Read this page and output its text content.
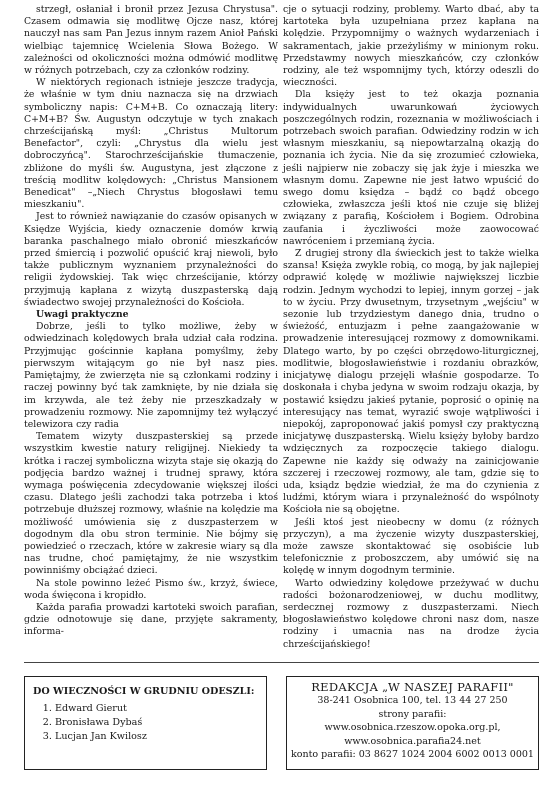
strzegł, osłaniał i bronił przez Jezusa Chrystusa". Czasem odmawia się modlitwę Ojcze nasz, której nauczył nas sam Pan Jezus innym razem Anioł Pański wielbiąc tajemnicę Wcielenia Słowa Bożego. W zależności od okoliczności można odmówić modlitwę w różnych potrzebach, czy za członków rodziny.

W niektórych regionach istnieje jeszcze tradycja, że właśnie w tym dniu naznacza się na drzwiach symboliczny napis: C+M+B. Co oznaczają litery: C+M+B? Św. Augustyn odczytuje w tych znakach chrześcijańską myśl: „Christus Multorum Benefactor", czyli: „Chrystus dla wielu jest dobroczyńcą". Starochrześcijańskie tłumaczenie, zbliżone do myśli św. Augustyna, jest złączone z treścią modlitw kolędowych: „Christus Mansionem Benedicat" –„Niech Chrystus błogosławi temu mieszkaniu".

Jest to również nawiązanie do czasów opisanych w Księdze Wyjścia, kiedy oznaczenie domów krwią baranka paschalnego miało obronić mieszkańców przed śmiercią i pozwolić opuścić kraj niewoli, było także publicznym wyznaniem przynależności do religii żydowskiej. Tak więc chrześcijanie, którzy przyjmują kapłana z wizytą duszpasterską dają świadectwo swojej przynależności do Kościoła.

Uwagi praktyczne

Dobrze, jeśli to tylko możliwe, żeby w odwiedzinach kolędowych brała udział cała rodzina. Przyjmując gościnnie kapłana pomyślmy, żeby pierwszym witającym go nie był nasz pies. Pamiętajmy, że zwierzęta nie są członkami rodziny i raczej powinny być tak zamknięte, by nie działa się im krzywda, ale też żeby nie przeszkadzały w prowadzeniu rozmowy. Nie zapomnijmy też wyłączyć telewizora czy radia

Tematem wizyty duszpasterskiej są przede wszystkim kwestie natury religijnej. Niekiedy ta krótka i raczej symboliczna wizyta staje się okazją do podjęcia bardzo ważnej i trudnej sprawy, która wymaga poświęcenia zdecydowanie większej ilości czasu. Dlatego jeśli zachodzi taka potrzeba i ktoś potrzebuje dłuższej rozmowy, właśnie na kolędzie ma możliwość umówienia się z duszpasterzem w dogodnym dla obu stron terminie. Nie bójmy się powiedzieć o rzeczach, które w zakresie wiary są dla nas trudne, choć pamiętajmy, że nie wszystkim powinniśmy obciążać dzieci.

Na stole powinno leżeć Pismo św., krzyż, świece, woda święcona i kropidło.

Każda parafia prowadzi kartoteki swoich parafian, gdzie odnotowuje się dane, przyjęte sakramenty, informa-

cje o sytuacji rodziny, problemy. Warto dbać, aby ta kartoteka była uzupełniana przez kapłana na kolędzie. Przypomnijmy o ważnych wydarzeniach i sakramentach, jakie przeżyliśmy w minionym roku. Przedstawmy nowych mieszkańców, czy członków rodziny, ale też wspomnijmy tych, którzy odeszli do wieczności.

Dla księży jest to też okazja poznania indywidualnych uwarunkowań życiowych poszczególnych rodzin, rozeznania w możliwościach i potrzebach swoich parafian. Odwiedziny rodzin w ich własnym mieszkaniu, są niepowtarzalną okazją do poznania ich życia. Nie da się zrozumieć człowieka, jeśli najpierw nie zobaczy się jak żyje i mieszka we własnym domu. Zapewne nie jest łatwo wpuścić do swego domu księdza – bądź co bądź obcego człowieka, zwłaszcza jeśli ktoś nie czuje się bliżej związany z parafią, Kościołem i Bogiem. Odrobina zaufania i życzliwości może zaowocować nawróceniem i przemianą życia.

Z drugiej strony dla świeckich jest to także wielka szansa! Księża zwykle robią, co mogą, by jak najlepiej odprawić kolędę w możliwie największej liczbie rodzin. Jednym wychodzi to lepiej, innym gorzej – jak to w życiu. Przy dwusetnym, trzysetnym „wejściu" w sezonie lub trzydziestym danego dnia, trudno o świeżość, entuzjazm i pełne zaangażowanie w prowadzenie interesującej rozmowy z domownikami. Dlatego warto, by po części obrzędowo-liturgicznej, modlitwie, błogosławieństwie i rozdaniu obrazków, inicjatywę dialogu przejęli właśnie gospodarze. To doskonała i chyba jedyna w swoim rodzaju okazja, by postawić księdzu jakieś pytanie, poprosić o opinię na interesujący nas temat, wyrazić swoje wątpliwości i niepokój, zaproponować jakiś pomysł czy praktyczną inicjatywę duszpasterską. Wielu księży byłoby bardzo wdzięcznych za rozpoczęcie takiego dialogu. Zapewne nie każdy się odważy na zainicjowanie szczerej i rzeczowej rozmowy, ale tam, gdzie się to uda, ksiądz będzie wiedział, że ma do czynienia z ludźmi, którym wiara i przynależność do wspólnoty Kościoła nie są obojętne.

Jeśli ktoś jest nieobecny w domu (z różnych przyczyn), a ma życzenie wizyty duszpasterskiej, może zawsze skontaktować się osobiście lub telefonicznie z proboszczem, aby umówić się na kolędę w innym dogodnym terminie.

Warto odwiedziny kolędowe przeżywać w duchu radości bożonarodzeniowej, w duchu modlitwy, serdecznej rozmowy z duszpasterzami. Niech błogosławieństwo kolędowe chroni nasz dom, nasze rodziny i umacnia nas na drodze życia chrześcijańskiego!

DO WIECZNOŚCI W GRUDNIU ODESZLI:
1. Edward Gierut
2. Bronisława Dybaś
3. Lucjan Jan Kwilosz
REDAKCJA „W NASZEJ PARAFII"
38-241 Osobnica 100, tel. 13 44 27 250
strony parafii: www.osobnica.rzeszow.opoka.org.pl,
www.osobnica.parafia24.net
konto parafii: 03 8627 1024 2004 6002 0013 0001
